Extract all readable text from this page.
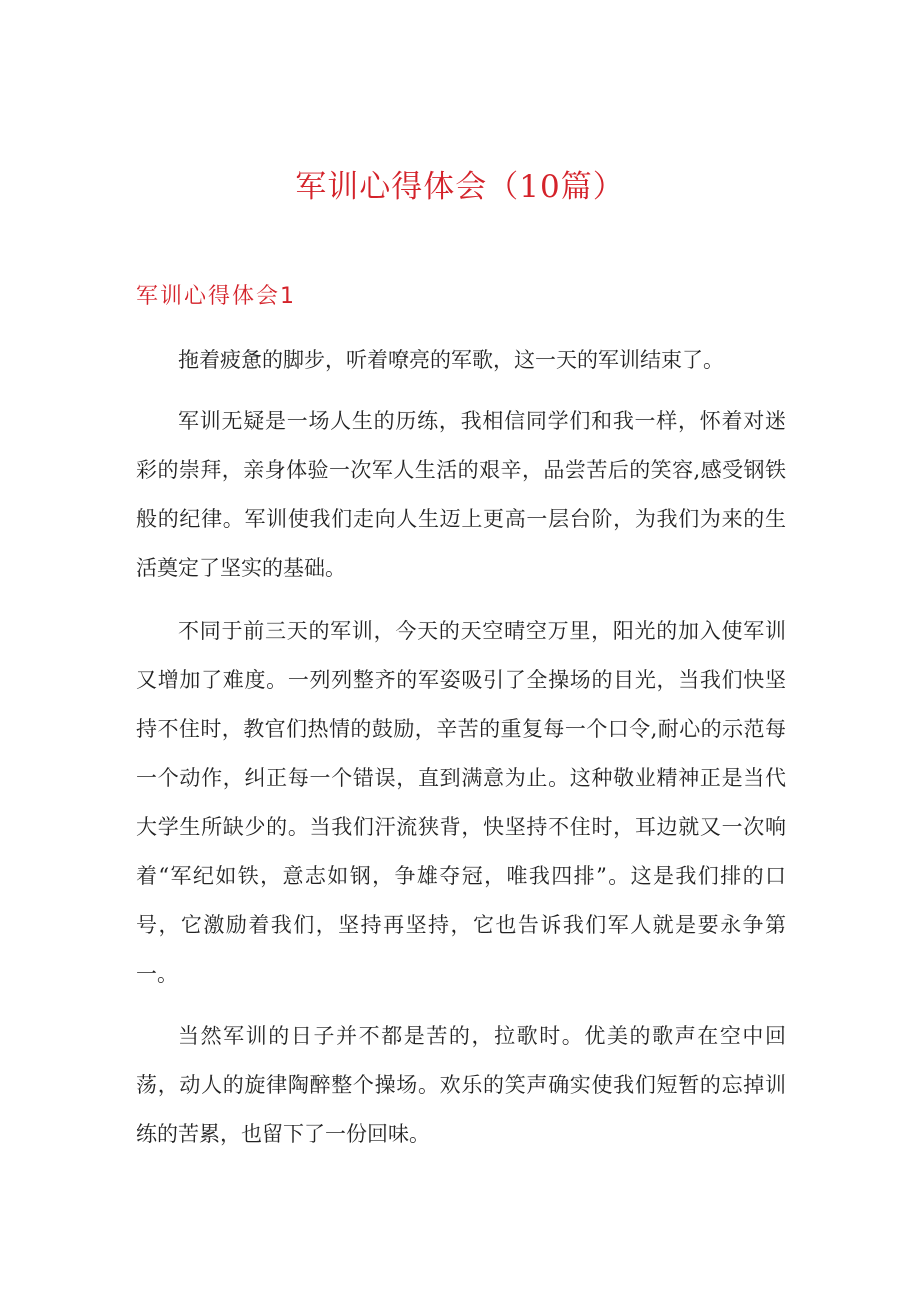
军训心得体会（10篇）
军训心得体会1

拖着疲惫的脚步，听着嘹亮的军歌，这一天的军训结束了。

军训无疑是一场人生的历练，我相信同学们和我一样，怀着对迷彩的崇拜，亲身体验一次军人生活的艰辛，品尝苦后的笑容,感受钢铁般的纪律。军训使我们走向人生迈上更高一层台阶，为我们为来的生活奠定了坚实的基础。

不同于前三天的军训，今天的天空晴空万里，阳光的加入使军训又增加了难度。一列列整齐的军姿吸引了全操场的目光，当我们快坚持不住时，教官们热情的鼓励，辛苦的重复每一个口令,耐心的示范每一个动作，纠正每一个错误，直到满意为止。这种敬业精神正是当代大学生所缺少的。当我们汗流狭背，快坚持不住时，耳边就又一次响着“军纪如铁，意志如钢，争雄夺冠，唯我四排”。这是我们排的口号，它激励着我们，坚持再坚持，它也告诉我们军人就是要永争第一。

当然军训的日子并不都是苦的，拉歌时。优美的歌声在空中回荡，动人的旋律陶醉整个操场。欢乐的笑声确实使我们短暂的忘掉训练的苦累，也留下了一份回味。
